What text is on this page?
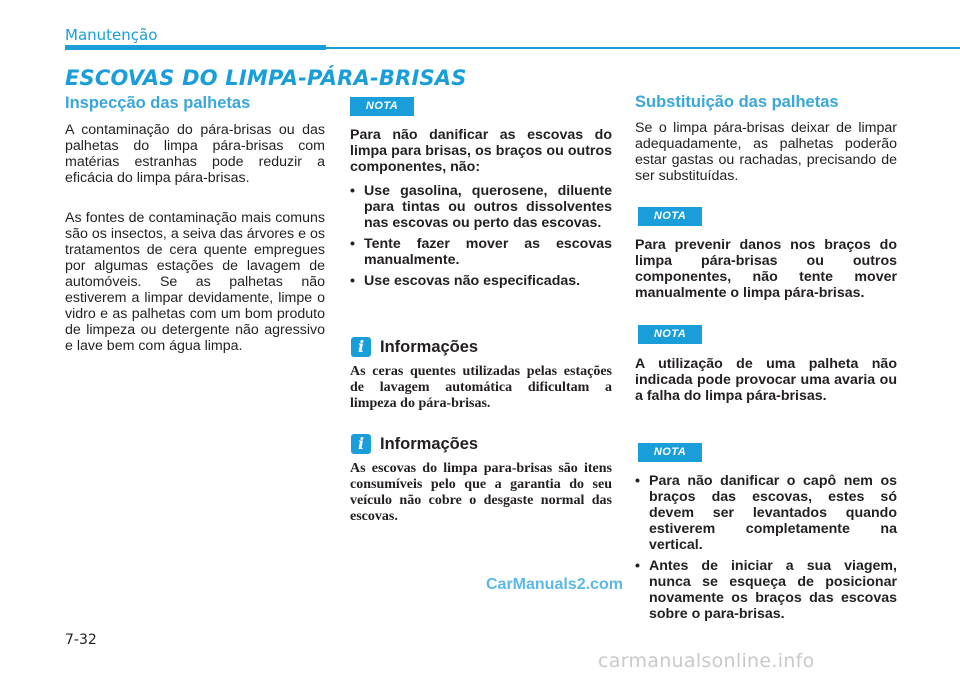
Manutenção
ESCOVAS DO LIMPA-PÁRA-BRISAS
Inspecção das palhetas

A contaminação do pára-brisas ou das palhetas do limpa pára-brisas com matérias estranhas pode reduzir a eficácia do limpa pára-brisas.

As fontes de contaminação mais comuns são os insectos, a seiva das árvores e os tratamentos de cera quente empregues por algumas estações de lavagem de automóveis. Se as palhetas não estiverem a limpar devidamente, limpe o vidro e as palhetas com um bom produto de limpeza ou detergente não agressivo e lave bem com água limpa.

NOTA

Para não danificar as escovas do limpa para brisas, os braços ou outros componentes, não:

• Use gasolina, querosene, diluente para tintas ou outros dissolventes nas escovas ou perto das escovas.
• Tente fazer mover as escovas manualmente.
• Use escovas não especificadas.
i Informações

As ceras quentes utilizadas pelas estações de lavagem automática dificultam a limpeza do pára-brisas.

i Informações

As escovas do limpa para-brisas são itens consumíveis pelo que a garantia do seu veículo não cobre o desgaste normal das escovas.

Substituição das palhetas

Se o limpa pára-brisas deixar de limpar adequadamente, as palhetas poderão estar gastas ou rachadas, precisando de ser substituídas.

NOTA

Para prevenir danos nos braços do limpa pára-brisas ou outros componentes, não tente mover manualmente o limpa pára-brisas.

NOTA

A utilização de uma palheta não indicada pode provocar uma avaria ou a falha do limpa pára-brisas.

NOTA
• Para não danificar o capô nem os braços das escovas, estes só devem ser levantados quando estiverem completamente na vertical.
• Antes de iniciar a sua viagem, nunca se esqueça de posicionar novamente os braços das escovas sobre o para-brisas.
CarManuals2.com
7-32
carmanualsonline.info
